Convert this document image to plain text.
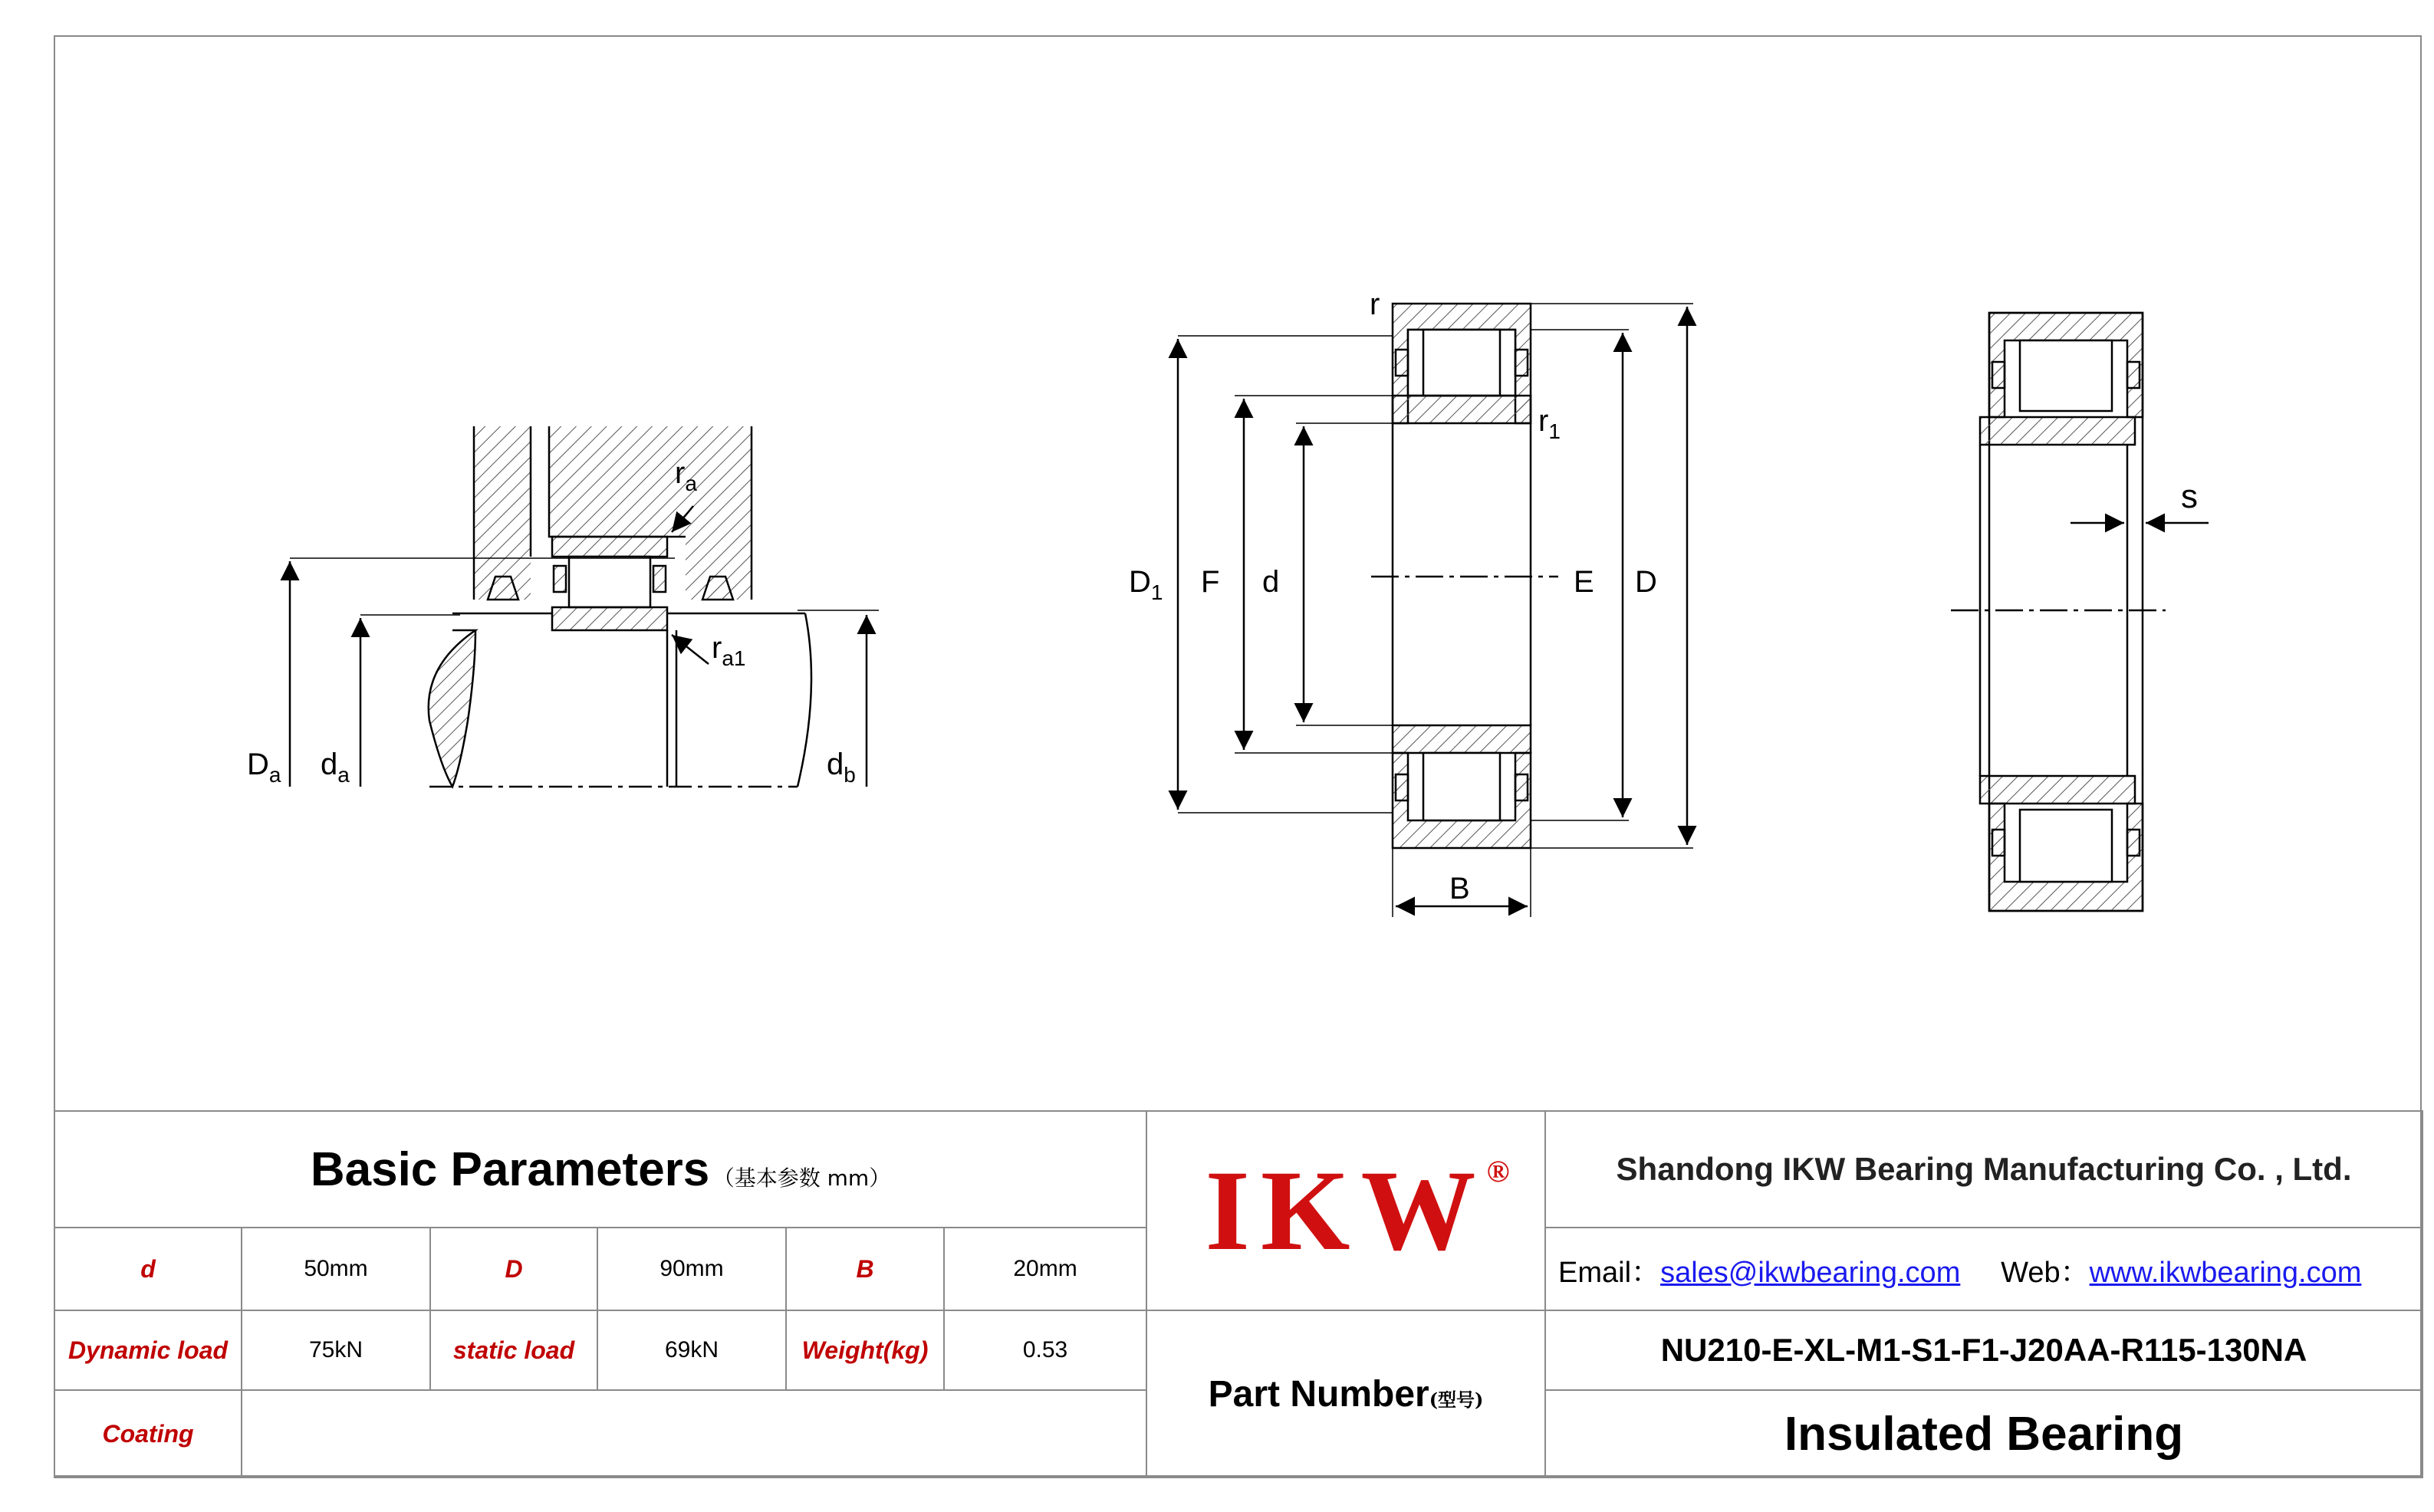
$D_a$ $d_a$	$d_b$
$r_a$
$r_{a1}$
r
$r_1$
$D_1$ F d	E D
B
s
Basic Parameters （基本参数 mm）						IKW ®	Shandong IKW Bearing Manufacturing Co. , Ltd.
d	50mm	D	90mm	B	20mm		Email：sales@ikwbearing.com Web：www.ikwbearing.com
Dynamic load	75kN	static load	69kN	Weight(kg)	0.53	Part Number(型号)	NU210-E-XL-M1-S1-F1-J20AA-R115-130NA
Coating							Insulated Bearing
